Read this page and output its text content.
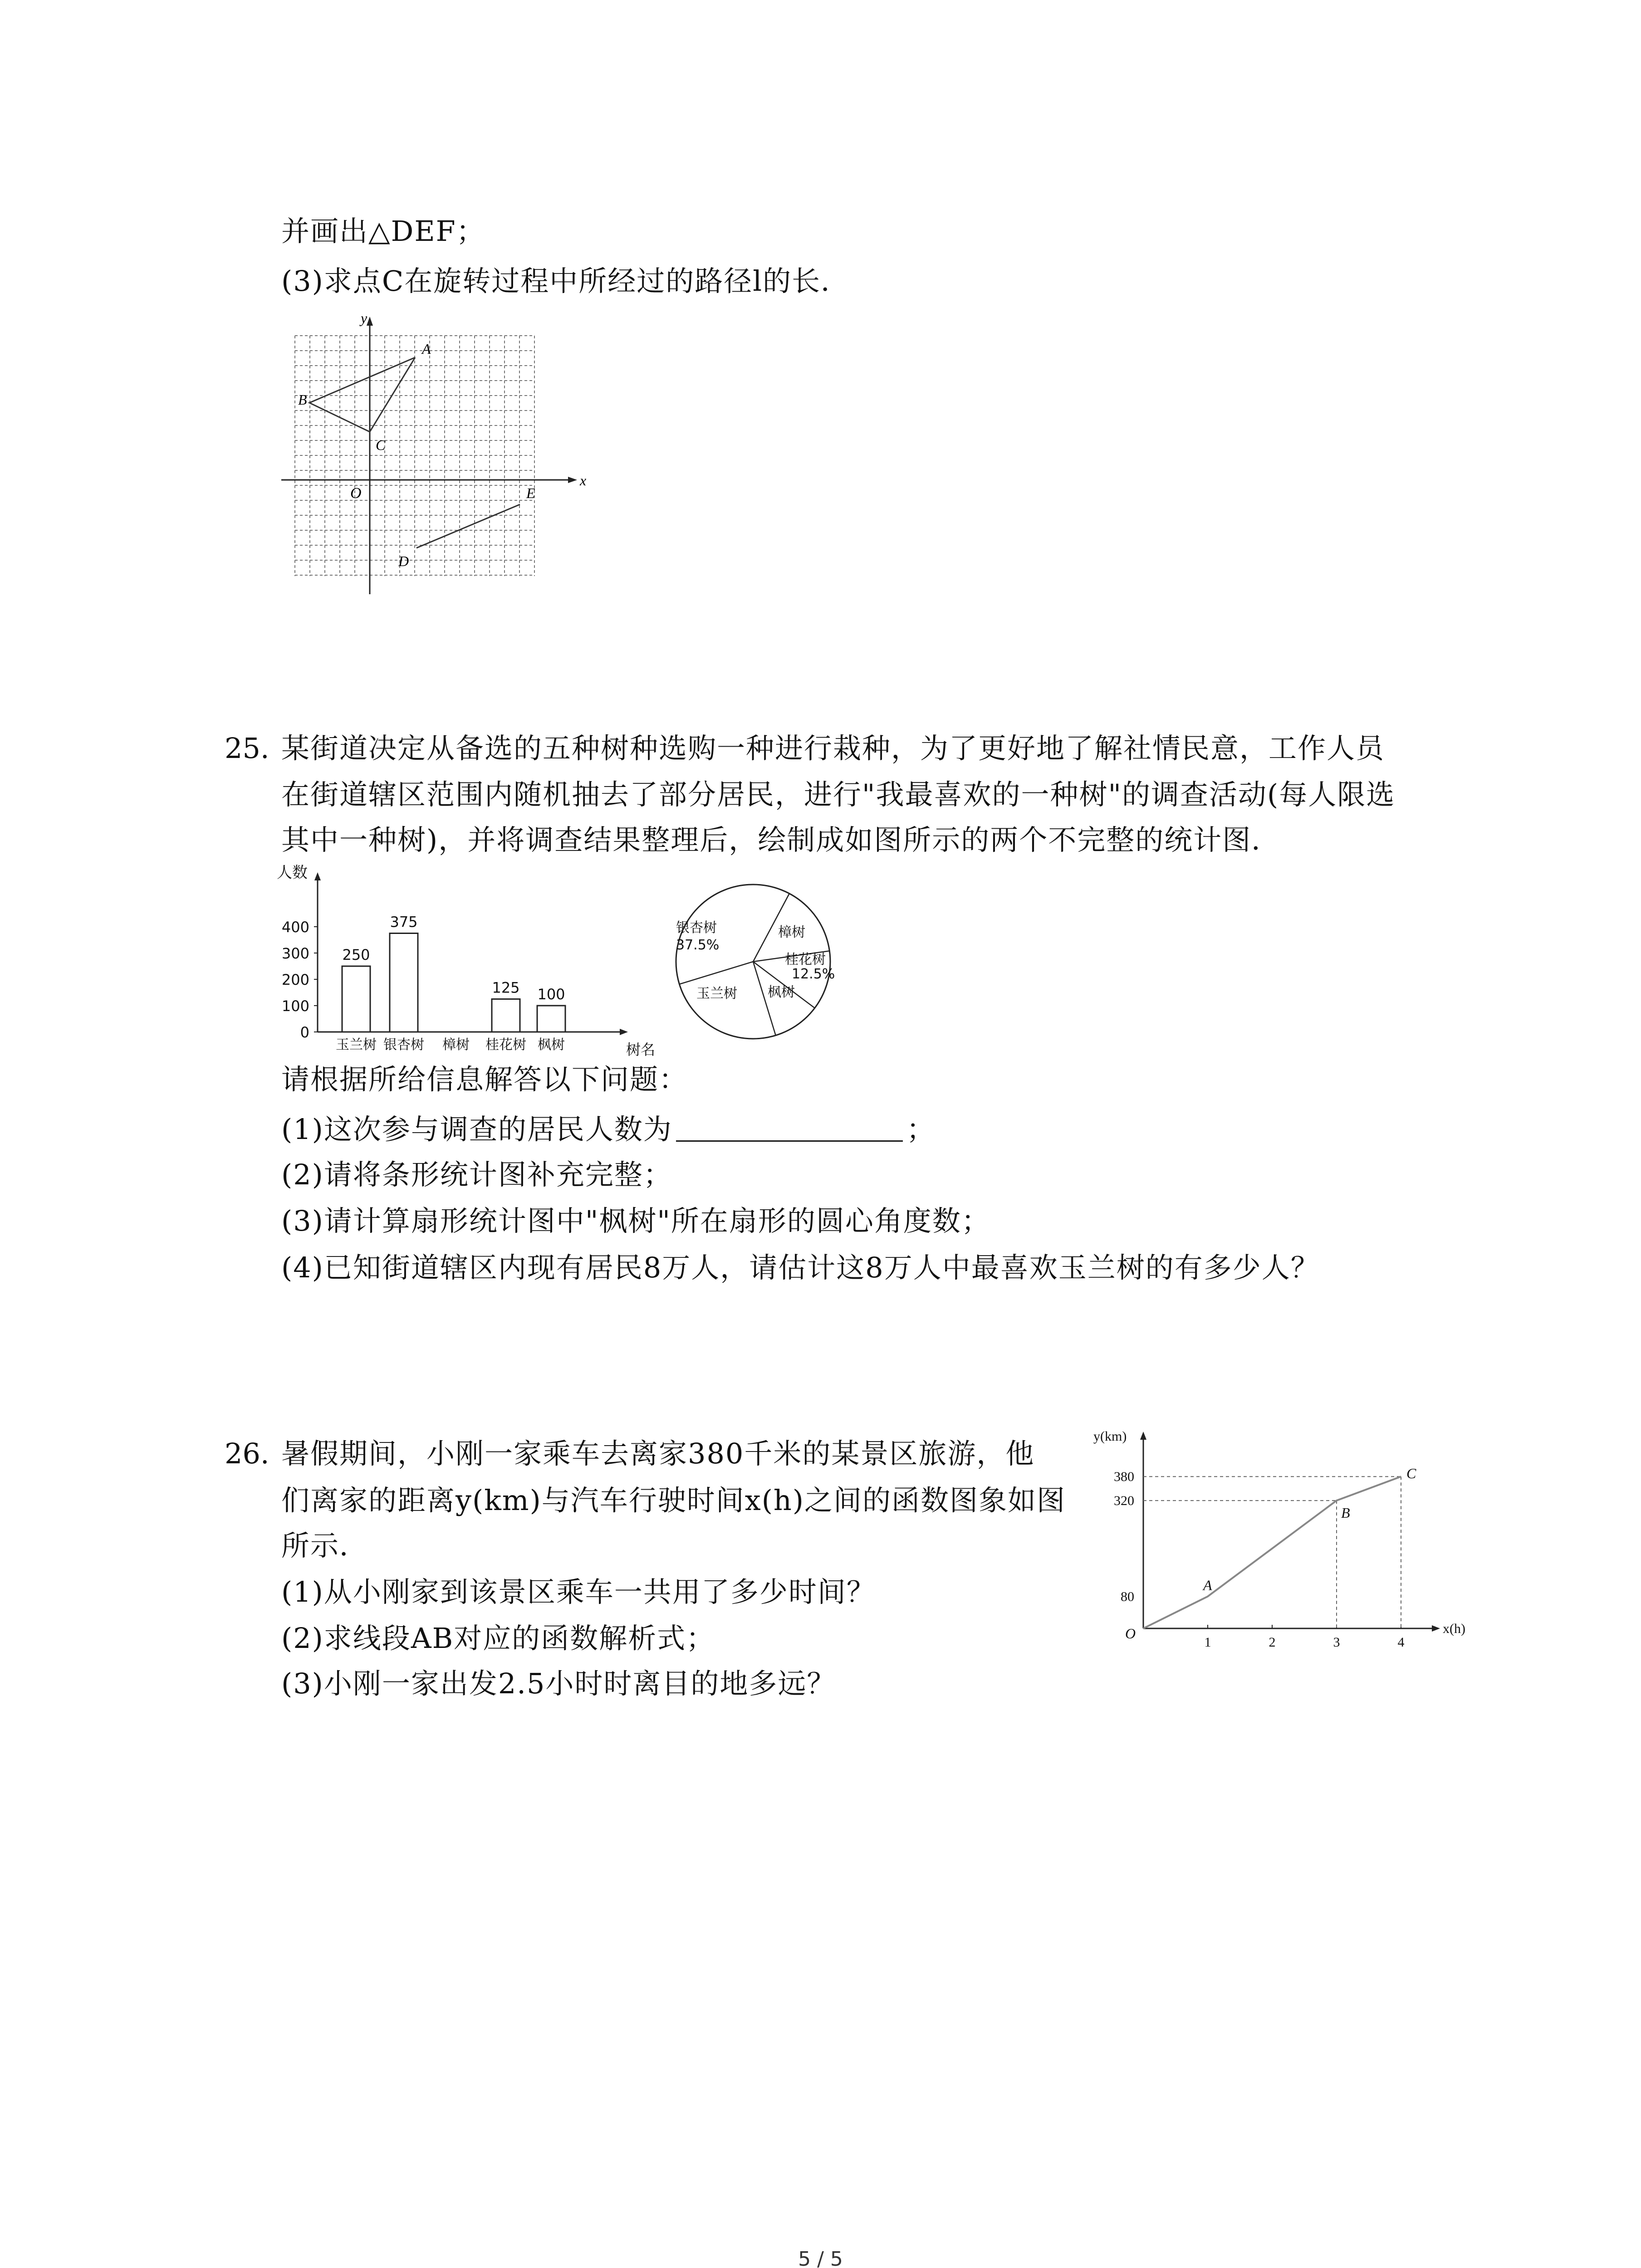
并画出△DEF；
(3)求点C在旋转过程中所经过的路径l的长．
x
y
O
A
B
C
D
E
25. 某街道决定从备选的五种树种选购一种进行栽种，为了更好地了解社情民意，工作人员
在街道辖区范围内随机抽去了部分居民，进行"我最喜欢的一种树"的调查活动(每人限选
其中一种树)，并将调查结果整理后，绘制成如图所示的两个不完整的统计图．
人数
树名
0
100
200
300
400
250
玉兰树
375
银杏树 樟树
125
桂花树
100
枫树
银杏树
37.5%
樟树
桂花树
12.5%
枫树
玉兰树
请根据所给信息解答以下问题：
(1)这次参与调查的居民人数为	；
(2)请将条形统计图补充完整；
(3)请计算扇形统计图中"枫树"所在扇形的圆心角度数；
(4)已知街道辖区内现有居民8万人，请估计这8万人中最喜欢玉兰树的有多少人？
26. 暑假期间，小刚一家乘车去离家380千米的某景区旅游，他
们离家的距离y(km)与汽车行驶时间x(h)之间的函数图象如图
所示．
(1)从小刚家到该景区乘车一共用了多少时间？
(2)求线段AB对应的函数解析式；
(3)小刚一家出发2.5小时时离目的地多远？
y(km)
x(h)
O
1	2	3	4
80
320
380
A
B
C
5 / 5
